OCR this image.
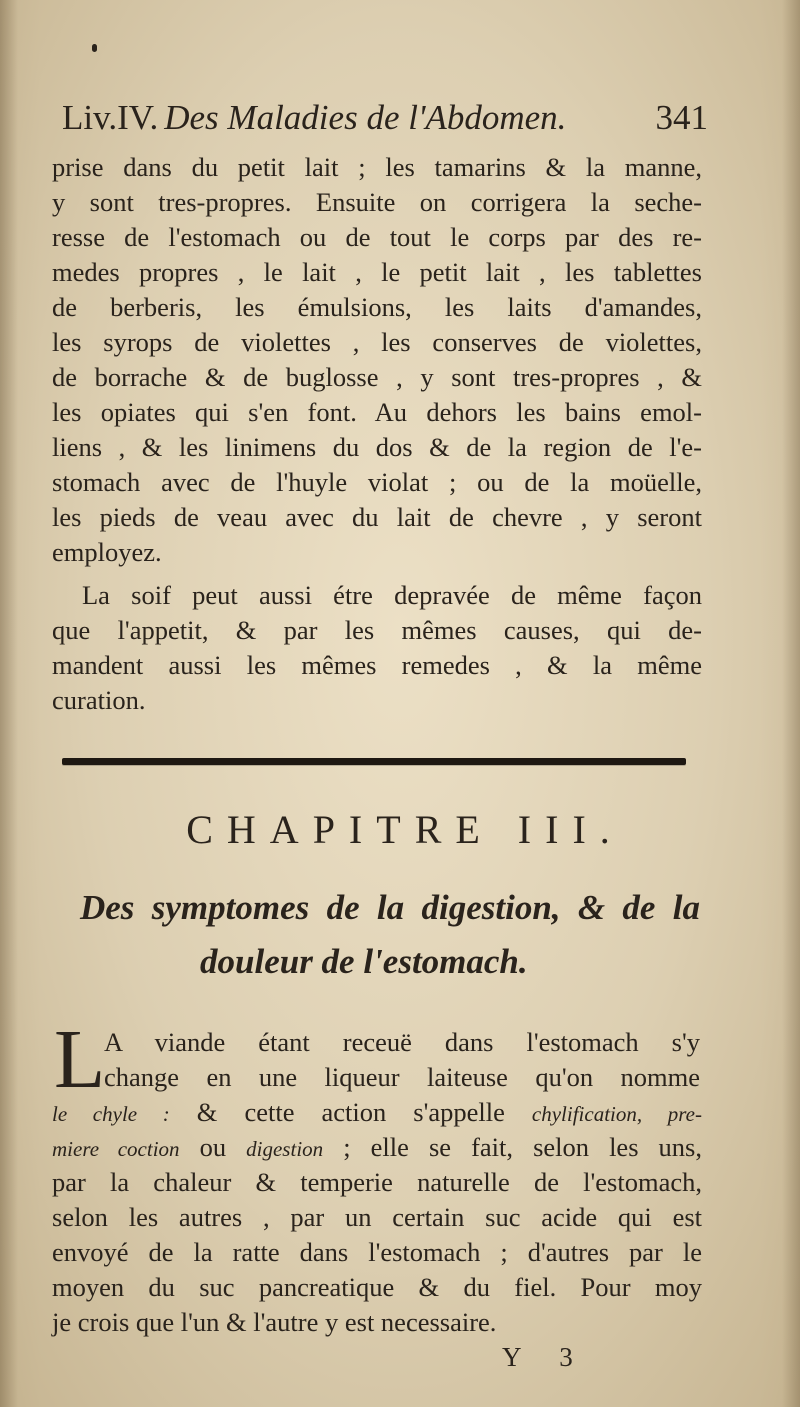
Liv.IV. Des Maladies de l'Abdomen.	341
prise dans du petit lait ; les tamarins & la manne,
y sont tres-propres. Ensuite on corrigera la seche-
resse de l'estomach ou de tout le corps par des re-
medes propres , le lait , le petit lait , les tablettes
de berberis, les émulsions, les laits d'amandes,
les syrops de violettes , les conserves de violettes,
de borrache & de buglosse , y sont tres-propres , &
les opiates qui s'en font. Au dehors les bains emol-
liens , & les linimens du dos & de la region de l'e-
stomach avec de l'huyle violat ; ou de la moüelle,
les pieds de veau avec du lait de chevre , y seront
employez.
La soif peut aussi étre depravée de même façon
que l'appetit, & par les mêmes causes, qui de-
mandent aussi les mêmes remedes , & la même
curation.
CHAPITRE III.
Des symptomes de la digestion, & de la
douleur de l'estomach.
L
A viande étant receuë dans l'estomach s'y
change en une liqueur laiteuse qu'on nomme
le chyle : & cette action s'appelle chylification, pre-
miere coction ou digestion ; elle se fait, selon les uns,
par la chaleur & temperie naturelle de l'estomach,
selon les autres , par un certain suc acide qui est
envoyé de la ratte dans l'estomach ; d'autres par le
moyen du suc pancreatique & du fiel. Pour moy
je crois que l'un & l'autre y est necessaire.
Y 3
